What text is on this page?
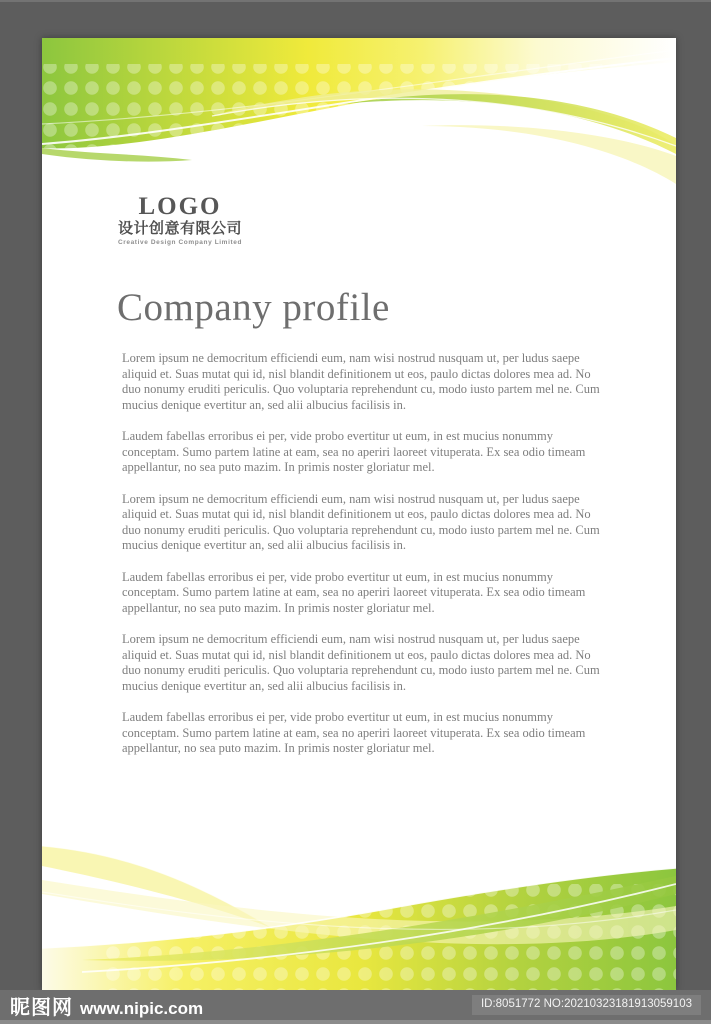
LOGO
设计创意有限公司
Creative Design Company Limited
Company profile

Lorem ipsum ne democritum efficiendi eum, nam wisi nostrud nusquam ut, per ludus saepe aliquid et. Suas mutat qui id, nisl blandit definitionem ut eos, paulo dictas dolores mea ad. No duo nonumy eruditi periculis. Quo voluptaria reprehendunt cu, modo iusto partem mel ne. Cum mucius denique evertitur an, sed alii albucius facilisis in.

Laudem fabellas erroribus ei per, vide probo evertitur ut eum, in est mucius nonummy conceptam. Sumo partem latine at eam, sea no aperiri laoreet vituperata. Ex sea odio timeam appellantur, no sea puto mazim. In primis noster gloriatur mel.

Lorem ipsum ne democritum efficiendi eum, nam wisi nostrud nusquam ut, per ludus saepe aliquid et. Suas mutat qui id, nisl blandit definitionem ut eos, paulo dictas dolores mea ad. No duo nonumy eruditi periculis. Quo voluptaria reprehendunt cu, modo iusto partem mel ne. Cum mucius denique evertitur an, sed alii albucius facilisis in.

Laudem fabellas erroribus ei per, vide probo evertitur ut eum, in est mucius nonummy conceptam. Sumo partem latine at eam, sea no aperiri laoreet vituperata. Ex sea odio timeam appellantur, no sea puto mazim. In primis noster gloriatur mel.

Lorem ipsum ne democritum efficiendi eum, nam wisi nostrud nusquam ut, per ludus saepe aliquid et. Suas mutat qui id, nisl blandit definitionem ut eos, paulo dictas dolores mea ad. No duo nonumy eruditi periculis. Quo voluptaria reprehendunt cu, modo iusto partem mel ne. Cum mucius denique evertitur an, sed alii albucius facilisis in.

Laudem fabellas erroribus ei per, vide probo evertitur ut eum, in est mucius nonummy conceptam. Sumo partem latine at eam, sea no aperiri laoreet vituperata. Ex sea odio timeam appellantur, no sea puto mazim. In primis noster gloriatur mel.

昵图网 www.nipic.com	ID:8051772 NO:20210323181913059103
